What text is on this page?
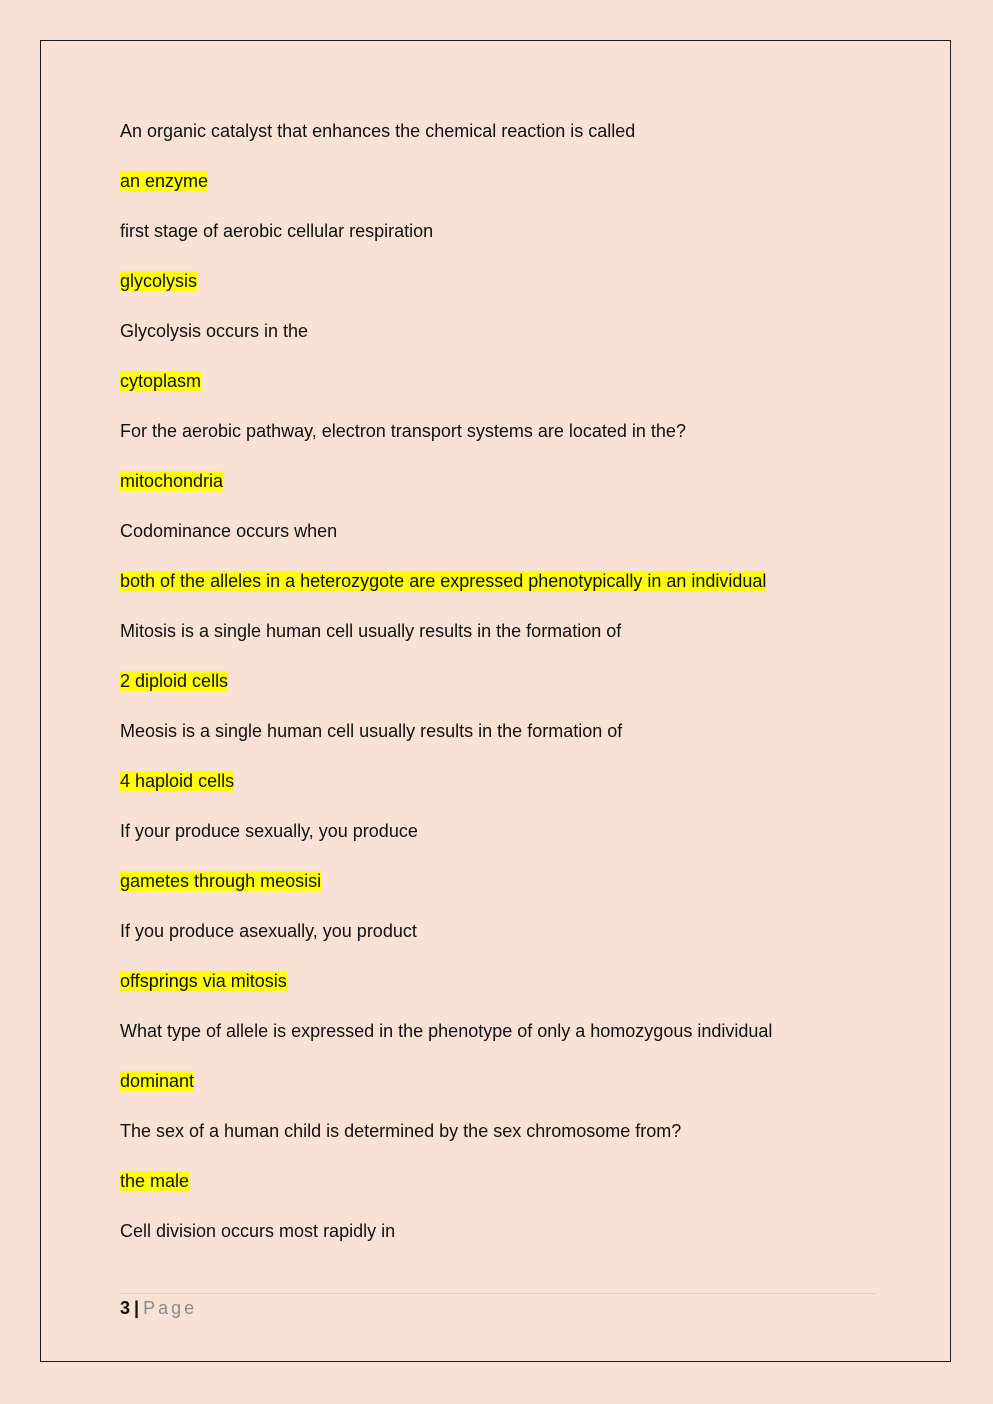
An organic catalyst that enhances the chemical reaction is called
an enzyme
first stage of aerobic cellular respiration
glycolysis
Glycolysis occurs in the
cytoplasm
For the aerobic pathway, electron transport systems are located in the?
mitochondria
Codominance occurs when
both of the alleles in a heterozygote are expressed phenotypically in an individual
Mitosis is a single human cell usually results in the formation of
2 diploid cells
Meosis is a single human cell usually results in the formation of
4 haploid cells
If your produce sexually, you produce
gametes through meosisi
If you produce asexually, you product
offsprings via mitosis
What type of allele is expressed in the phenotype of only a homozygous individual
dominant
The sex of a human child is determined by the sex chromosome from?
the male
Cell division occurs most rapidly in
3 | Page
